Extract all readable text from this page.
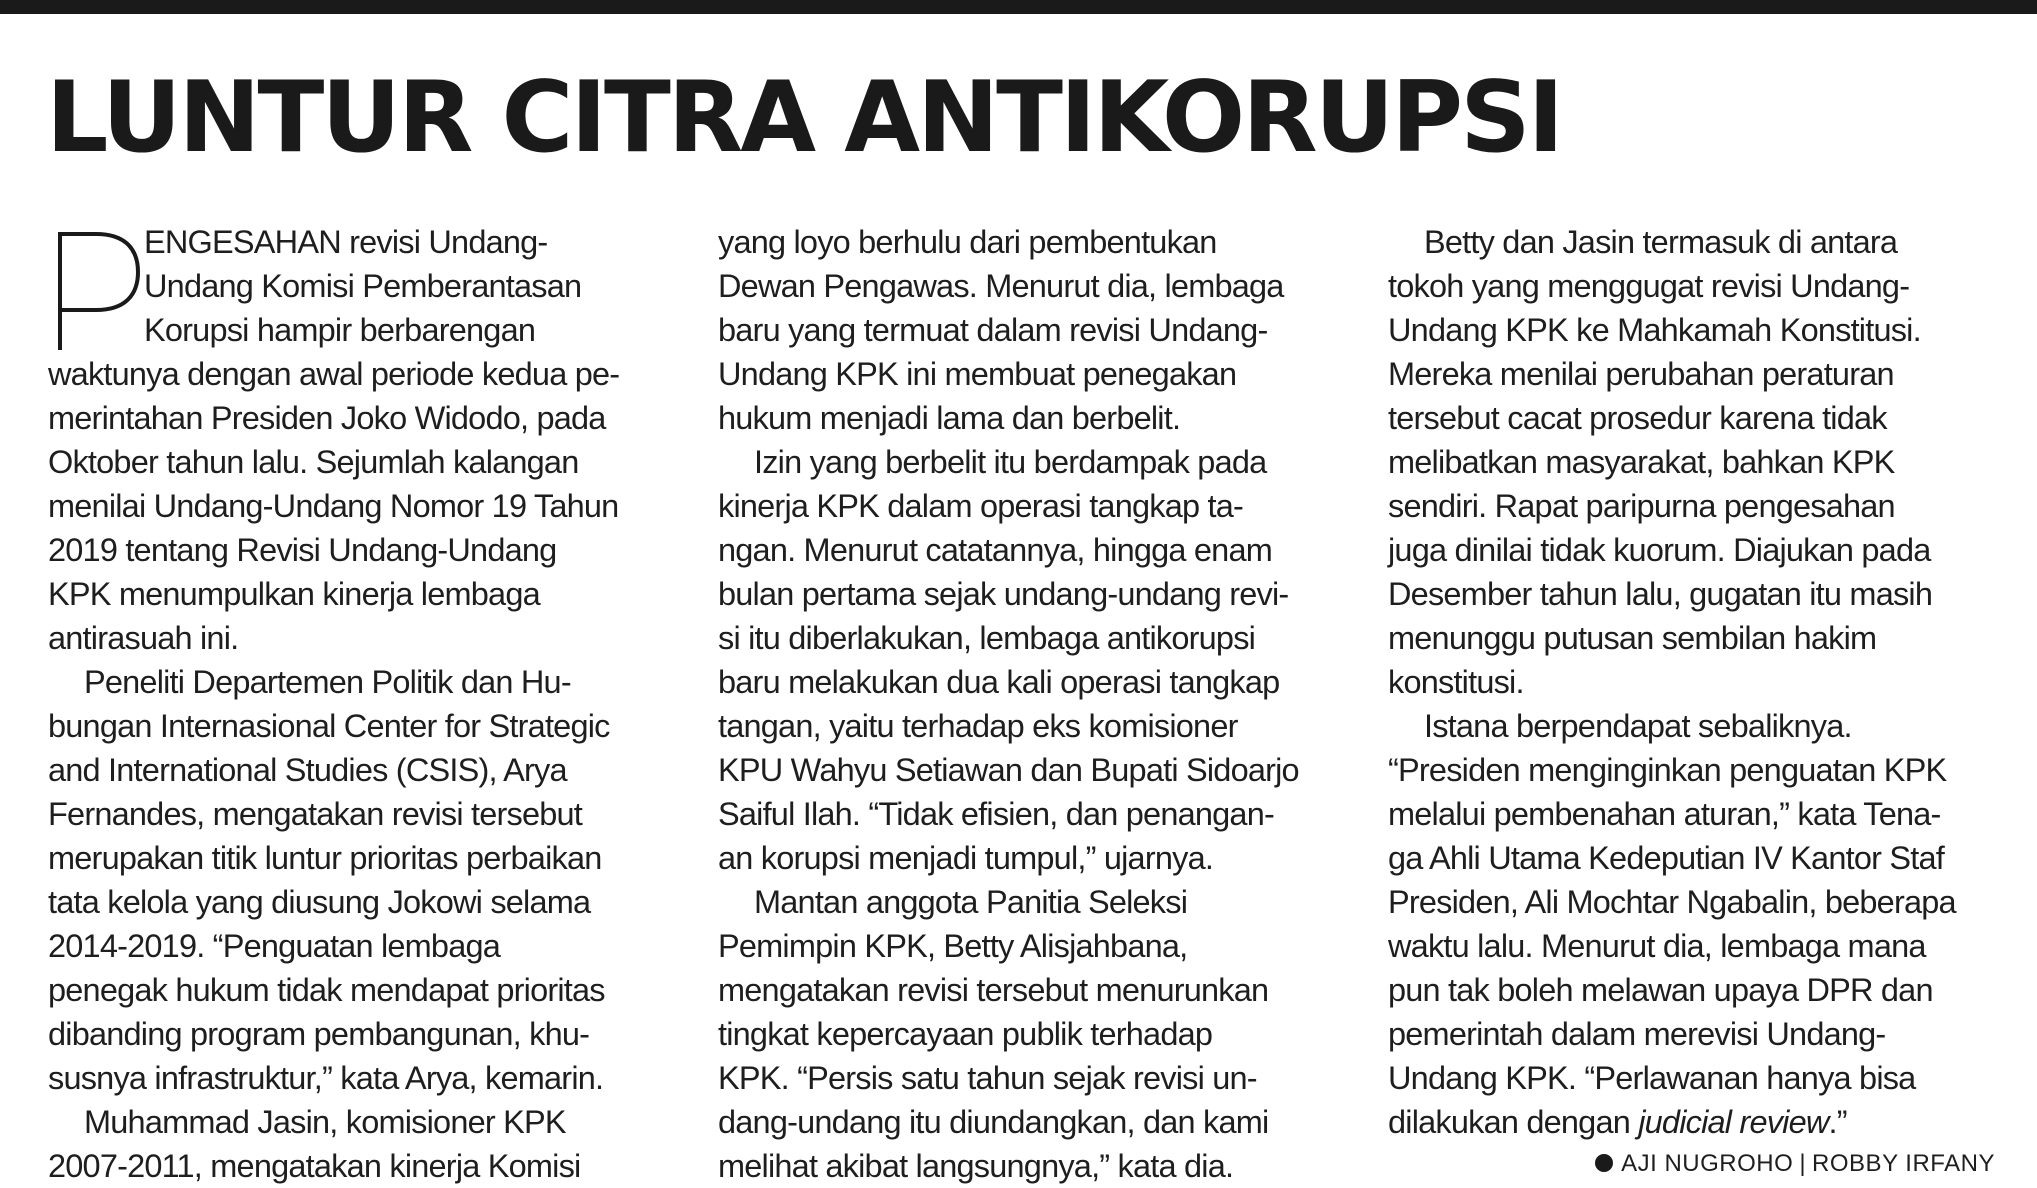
LUNTUR CITRA ANTIKORUPSI
ENGESAHAN revisi Undang-
Undang Komisi Pemberantasan
Korupsi hampir berbarengan
waktunya dengan awal periode kedua pe-
merintahan Presiden Joko Widodo, pada
Oktober tahun lalu. Sejumlah kalangan
menilai Undang-Undang Nomor 19 Tahun
2019 tentang Revisi Undang-Undang
KPK menumpulkan kinerja lembaga
antirasuah ini.
Peneliti Departemen Politik dan Hu-
bungan Internasional Center for Strategic
and International Studies (CSIS), Arya
Fernandes, mengatakan revisi tersebut
merupakan titik luntur prioritas perbaikan
tata kelola yang diusung Jokowi selama
2014-2019. “Penguatan lembaga
penegak hukum tidak mendapat prioritas
dibanding program pembangunan, khu-
susnya infrastruktur,” kata Arya, kemarin.
Muhammad Jasin, komisioner KPK
2007-2011, mengatakan kinerja Komisi
yang loyo berhulu dari pembentukan
Dewan Pengawas. Menurut dia, lembaga
baru yang termuat dalam revisi Undang-
Undang KPK ini membuat penegakan
hukum menjadi lama dan berbelit.
Izin yang berbelit itu berdampak pada
kinerja KPK dalam operasi tangkap ta-
ngan. Menurut catatannya, hingga enam
bulan pertama sejak undang-undang revi-
si itu diberlakukan, lembaga antikorupsi
baru melakukan dua kali operasi tangkap
tangan, yaitu terhadap eks komisioner
KPU Wahyu Setiawan dan Bupati Sidoarjo
Saiful Ilah. “Tidak efisien, dan penangan-
an korupsi menjadi tumpul,” ujarnya.
Mantan anggota Panitia Seleksi
Pemimpin KPK, Betty Alisjahbana,
mengatakan revisi tersebut menurunkan
tingkat kepercayaan publik terhadap
KPK. “Persis satu tahun sejak revisi un-
dang-undang itu diundangkan, dan kami
melihat akibat langsungnya,” kata dia.
Betty dan Jasin termasuk di antara
tokoh yang menggugat revisi Undang-
Undang KPK ke Mahkamah Konstitusi.
Mereka menilai perubahan peraturan
tersebut cacat prosedur karena tidak
melibatkan masyarakat, bahkan KPK
sendiri. Rapat paripurna pengesahan
juga dinilai tidak kuorum. Diajukan pada
Desember tahun lalu, gugatan itu masih
menunggu putusan sembilan hakim
konstitusi.
Istana berpendapat sebaliknya.
“Presiden menginginkan penguatan KPK
melalui pembenahan aturan,” kata Tena-
ga Ahli Utama Kedeputian IV Kantor Staf
Presiden, Ali Mochtar Ngabalin, beberapa
waktu lalu. Menurut dia, lembaga mana
pun tak boleh melawan upaya DPR dan
pemerintah dalam merevisi Undang-
Undang KPK. “Perlawanan hanya bisa
dilakukan dengan judicial review.”
AJI NUGROHO | ROBBY IRFANY
